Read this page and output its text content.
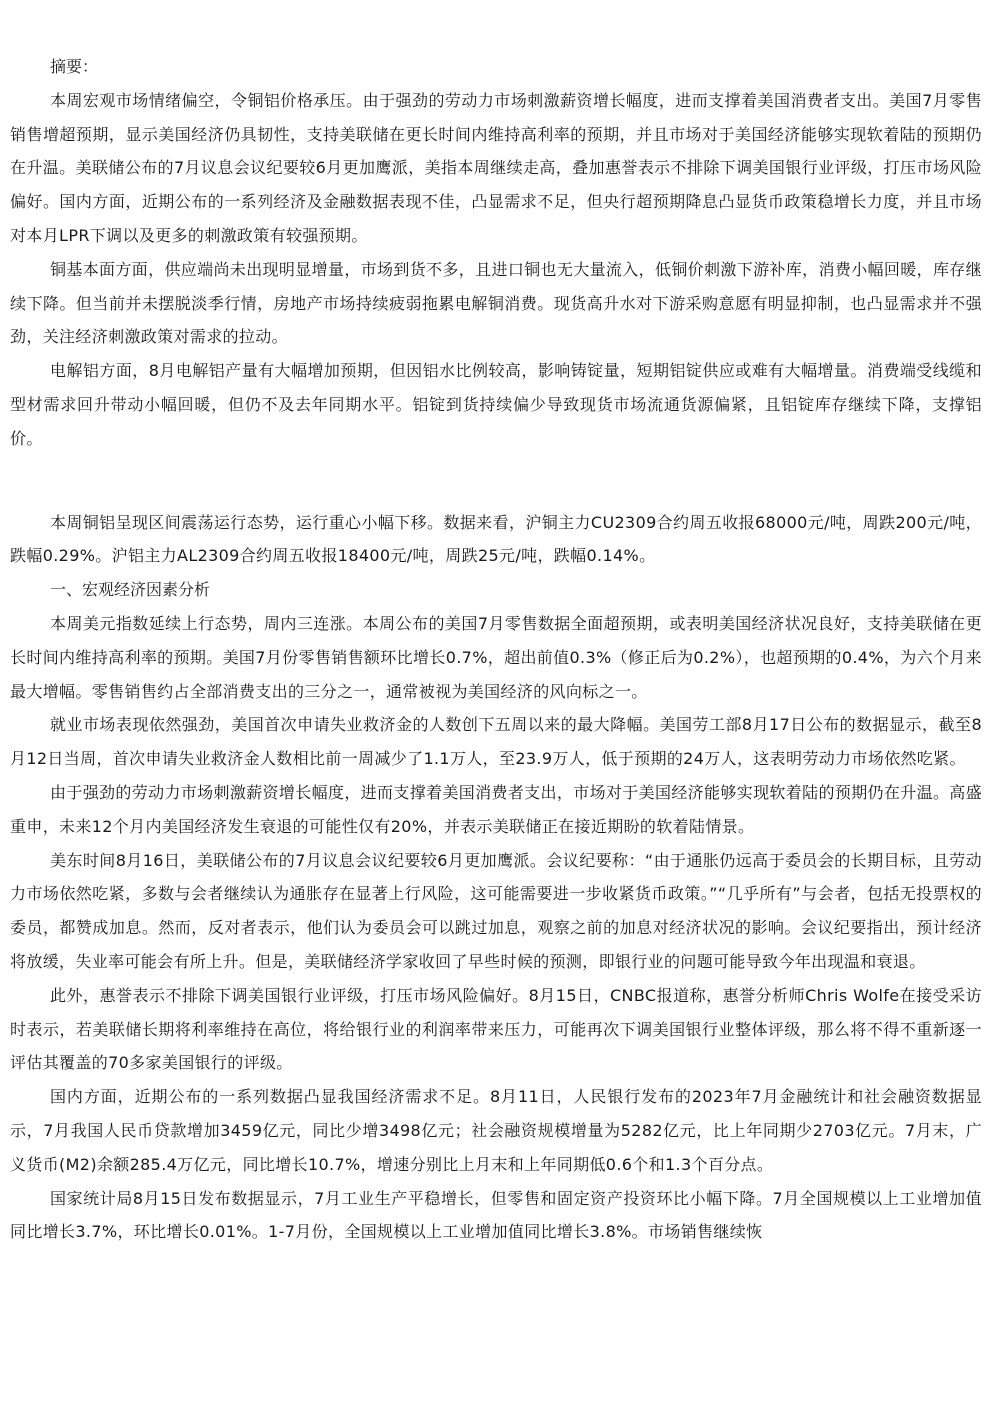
摘要：

本周宏观市场情绪偏空，令铜铝价格承压。由于强劲的劳动力市场刺激薪资增长幅度，进而支撑着美国消费者支出。美国7月零售销售增超预期，显示美国经济仍具韧性，支持美联储在更长时间内维持高利率的预期，并且市场对于美国经济能够实现软着陆的预期仍在升温。美联储公布的7月议息会议纪要较6月更加鹰派，美指本周继续走高，叠加惠誉表示不排除下调美国银行业评级，打压市场风险偏好。国内方面，近期公布的一系列经济及金融数据表现不佳，凸显需求不足，但央行超预期降息凸显货币政策稳增长力度，并且市场对本月LPR下调以及更多的刺激政策有较强预期。

铜基本面方面，供应端尚未出现明显增量，市场到货不多，且进口铜也无大量流入，低铜价刺激下游补库，消费小幅回暖，库存继续下降。但当前并未摆脱淡季行情，房地产市场持续疲弱拖累电解铜消费。现货高升水对下游采购意愿有明显抑制，也凸显需求并不强劲，关注经济刺激政策对需求的拉动。

电解铝方面，8月电解铝产量有大幅增加预期，但因铝水比例较高，影响铸锭量，短期铝锭供应或难有大幅增量。消费端受线缆和型材需求回升带动小幅回暖，但仍不及去年同期水平。铝锭到货持续偏少导致现货市场流通货源偏紧，且铝锭库存继续下降，支撑铝价。

本周铜铝呈现区间震荡运行态势，运行重心小幅下移。数据来看，沪铜主力CU2309合约周五收报68000元/吨，周跌200元/吨，跌幅0.29%。沪铝主力AL2309合约周五收报18400元/吨，周跌25元/吨，跌幅0.14%。

一、宏观经济因素分析

本周美元指数延续上行态势，周内三连涨。本周公布的美国7月零售数据全面超预期，或表明美国经济状况良好，支持美联储在更长时间内维持高利率的预期。美国7月份零售销售额环比增长0.7%，超出前值0.3%（修正后为0.2%），也超预期的0.4%，为六个月来最大增幅。零售销售约占全部消费支出的三分之一，通常被视为美国经济的风向标之一。

就业市场表现依然强劲，美国首次申请失业救济金的人数创下五周以来的最大降幅。美国劳工部8月17日公布的数据显示，截至8月12日当周，首次申请失业救济金人数相比前一周减少了1.1万人，至23.9万人，低于预期的24万人，这表明劳动力市场依然吃紧。

由于强劲的劳动力市场刺激薪资增长幅度，进而支撑着美国消费者支出，市场对于美国经济能够实现软着陆的预期仍在升温。高盛重申，未来12个月内美国经济发生衰退的可能性仅有20%，并表示美联储正在接近期盼的软着陆情景。

美东时间8月16日，美联储公布的7月议息会议纪要较6月更加鹰派。会议纪要称：“由于通胀仍远高于委员会的长期目标，且劳动力市场依然吃紧，多数与会者继续认为通胀存在显著上行风险，这可能需要进一步收紧货币政策。”“几乎所有”与会者，包括无投票权的委员，都赞成加息。然而，反对者表示，他们认为委员会可以跳过加息，观察之前的加息对经济状况的影响。会议纪要指出，预计经济将放缓，失业率可能会有所上升。但是，美联储经济学家收回了早些时候的预测，即银行业的问题可能导致今年出现温和衰退。

此外，惠誉表示不排除下调美国银行业评级，打压市场风险偏好。8月15日，CNBC报道称，惠誉分析师Chris Wolfe在接受采访时表示，若美联储长期将利率维持在高位，将给银行业的利润率带来压力，可能再次下调美国银行业整体评级，那么将不得不重新逐一评估其覆盖的70多家美国银行的评级。

国内方面，近期公布的一系列数据凸显我国经济需求不足。8月11日，人民银行发布的2023年7月金融统计和社会融资数据显示，7月我国人民币贷款增加3459亿元，同比少增3498亿元；社会融资规模增量为5282亿元，比上年同期少2703亿元。7月末，广义货币(M2)余额285.4万亿元，同比增长10.7%，增速分别比上月末和上年同期低0.6个和1.3个百分点。

国家统计局8月15日发布数据显示，7月工业生产平稳增长，但零售和固定资产投资环比小幅下降。7月全国规模以上工业增加值同比增长3.7%，环比增长0.01%。1-7月份，全国规模以上工业增加值同比增长3.8%。市场销售继续恢
